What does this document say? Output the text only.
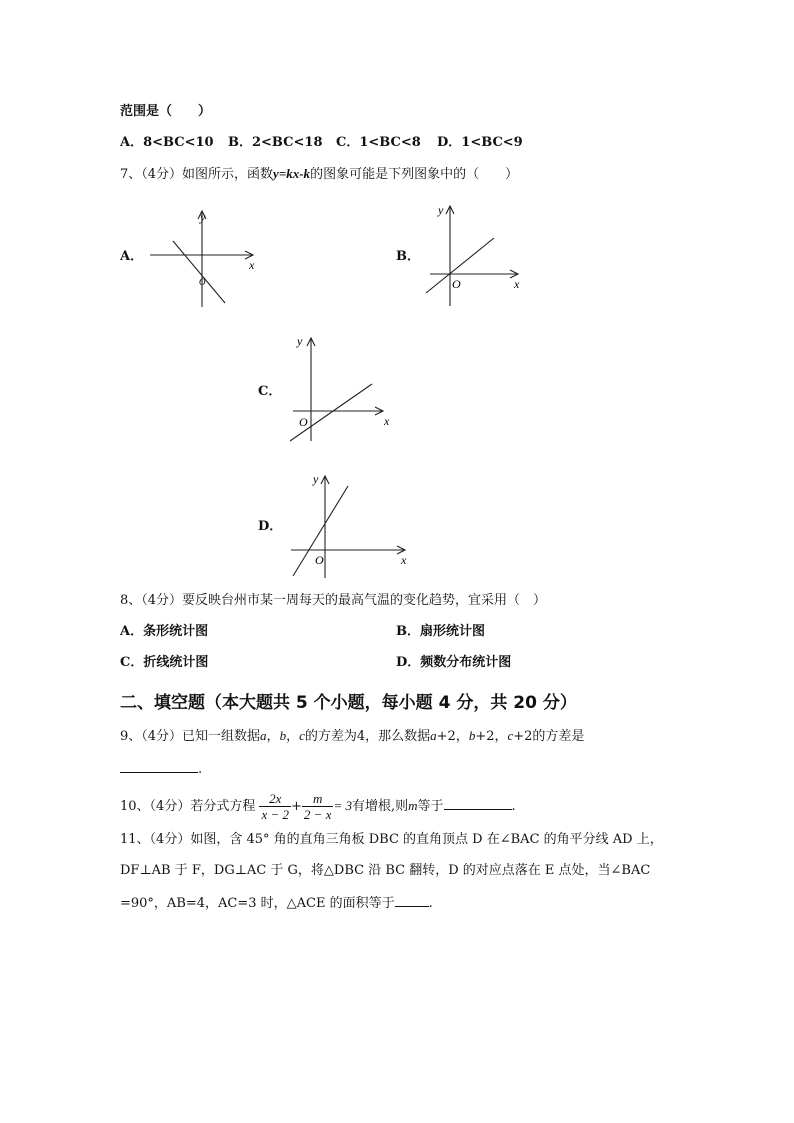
范围是（　　）
A．8<BC<10 B．2<BC<18 C．1<BC<8 D．1<BC<9
7、（4分）如图所示，函数y=kx-k的图象可能是下列图象中的（　　）
A．
x
y
O
B．
x
y
O
C．
x
y
O
D．
x
y
O
8、（4分）要反映台州市某一周每天的最高气温的变化趋势，宜采用（　）
A．条形统计图	B．扇形统计图
C．折线统计图	D．频数分布统计图
二、填空题（本大题共 5 个小题，每小题 4 分，共 20 分）
9、（4分）已知一组数据a，b，c的方差为4，那么数据a+2，b+2，c+2的方差是
.
10、（4分）若分式方程 $\frac{2x}{x - 2} + \frac{m}{2 - x} = 3$有增根,则m等于	.
11、（4分）如图，含 45° 角的直角三角板 DBC 的直角顶点 D 在∠BAC 的角平分线 AD 上，
DF⊥AB 于 F，DG⊥AC 于 G，将△DBC 沿 BC 翻转，D 的对应点落在 E 点处，当∠BAC
=90°，AB=4，AC=3 时，△ACE 的面积等于	.
